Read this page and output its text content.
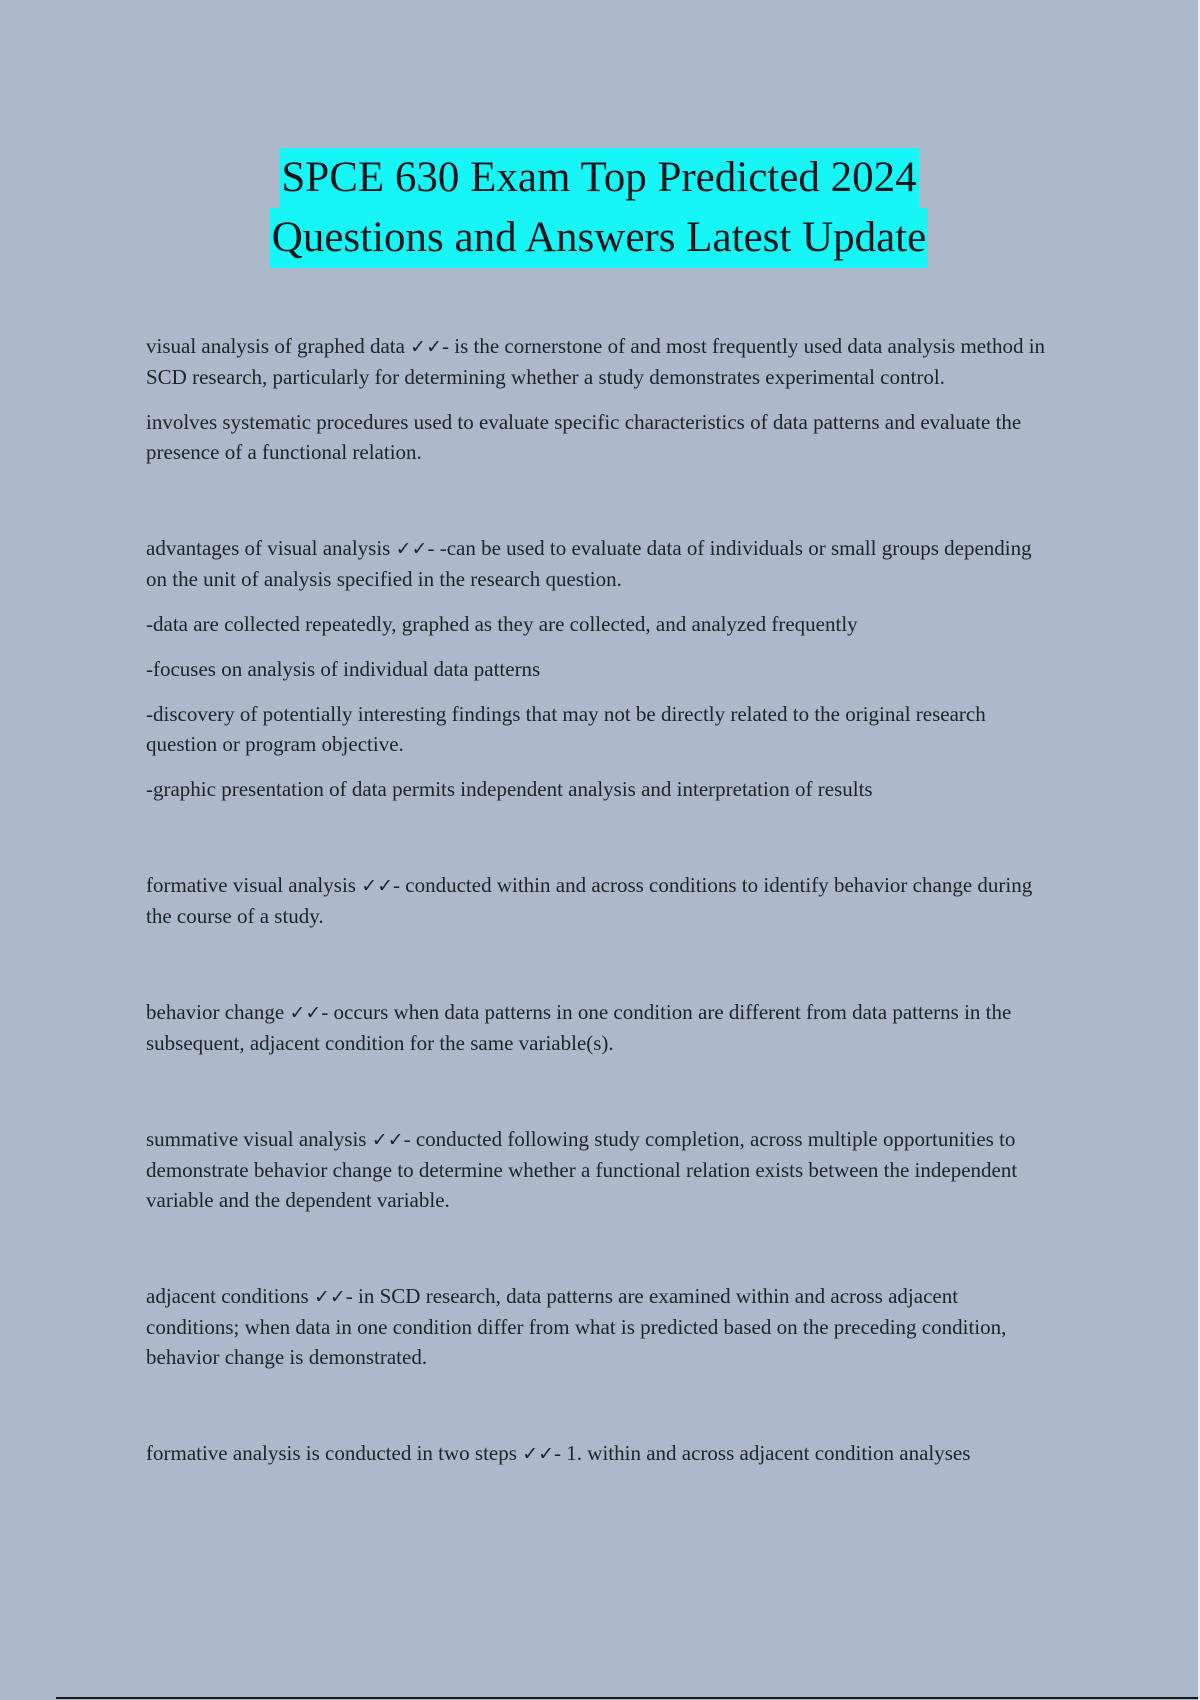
SPCE 630 Exam Top Predicted 2024
Questions and Answers Latest Update

visual analysis of graphed data ✓✓- is the cornerstone of and most frequently used data analysis method in SCD research, particularly for determining whether a study demonstrates experimental control.

involves systematic procedures used to evaluate specific characteristics of data patterns and evaluate the presence of a functional relation.

advantages of visual analysis ✓✓- -can be used to evaluate data of individuals or small groups depending on the unit of analysis specified in the research question.

-data are collected repeatedly, graphed as they are collected, and analyzed frequently

-focuses on analysis of individual data patterns

-discovery of potentially interesting findings that may not be directly related to the original research question or program objective.

-graphic presentation of data permits independent analysis and interpretation of results

formative visual analysis ✓✓- conducted within and across conditions to identify behavior change during the course of a study.

behavior change ✓✓- occurs when data patterns in one condition are different from data patterns in the subsequent, adjacent condition for the same variable(s).

summative visual analysis ✓✓- conducted following study completion, across multiple opportunities to demonstrate behavior change to determine whether a functional relation exists between the independent variable and the dependent variable.

adjacent conditions ✓✓- in SCD research, data patterns are examined within and across adjacent conditions; when data in one condition differ from what is predicted based on the preceding condition, behavior change is demonstrated.

formative analysis is conducted in two steps ✓✓- 1. within and across adjacent condition analyses
